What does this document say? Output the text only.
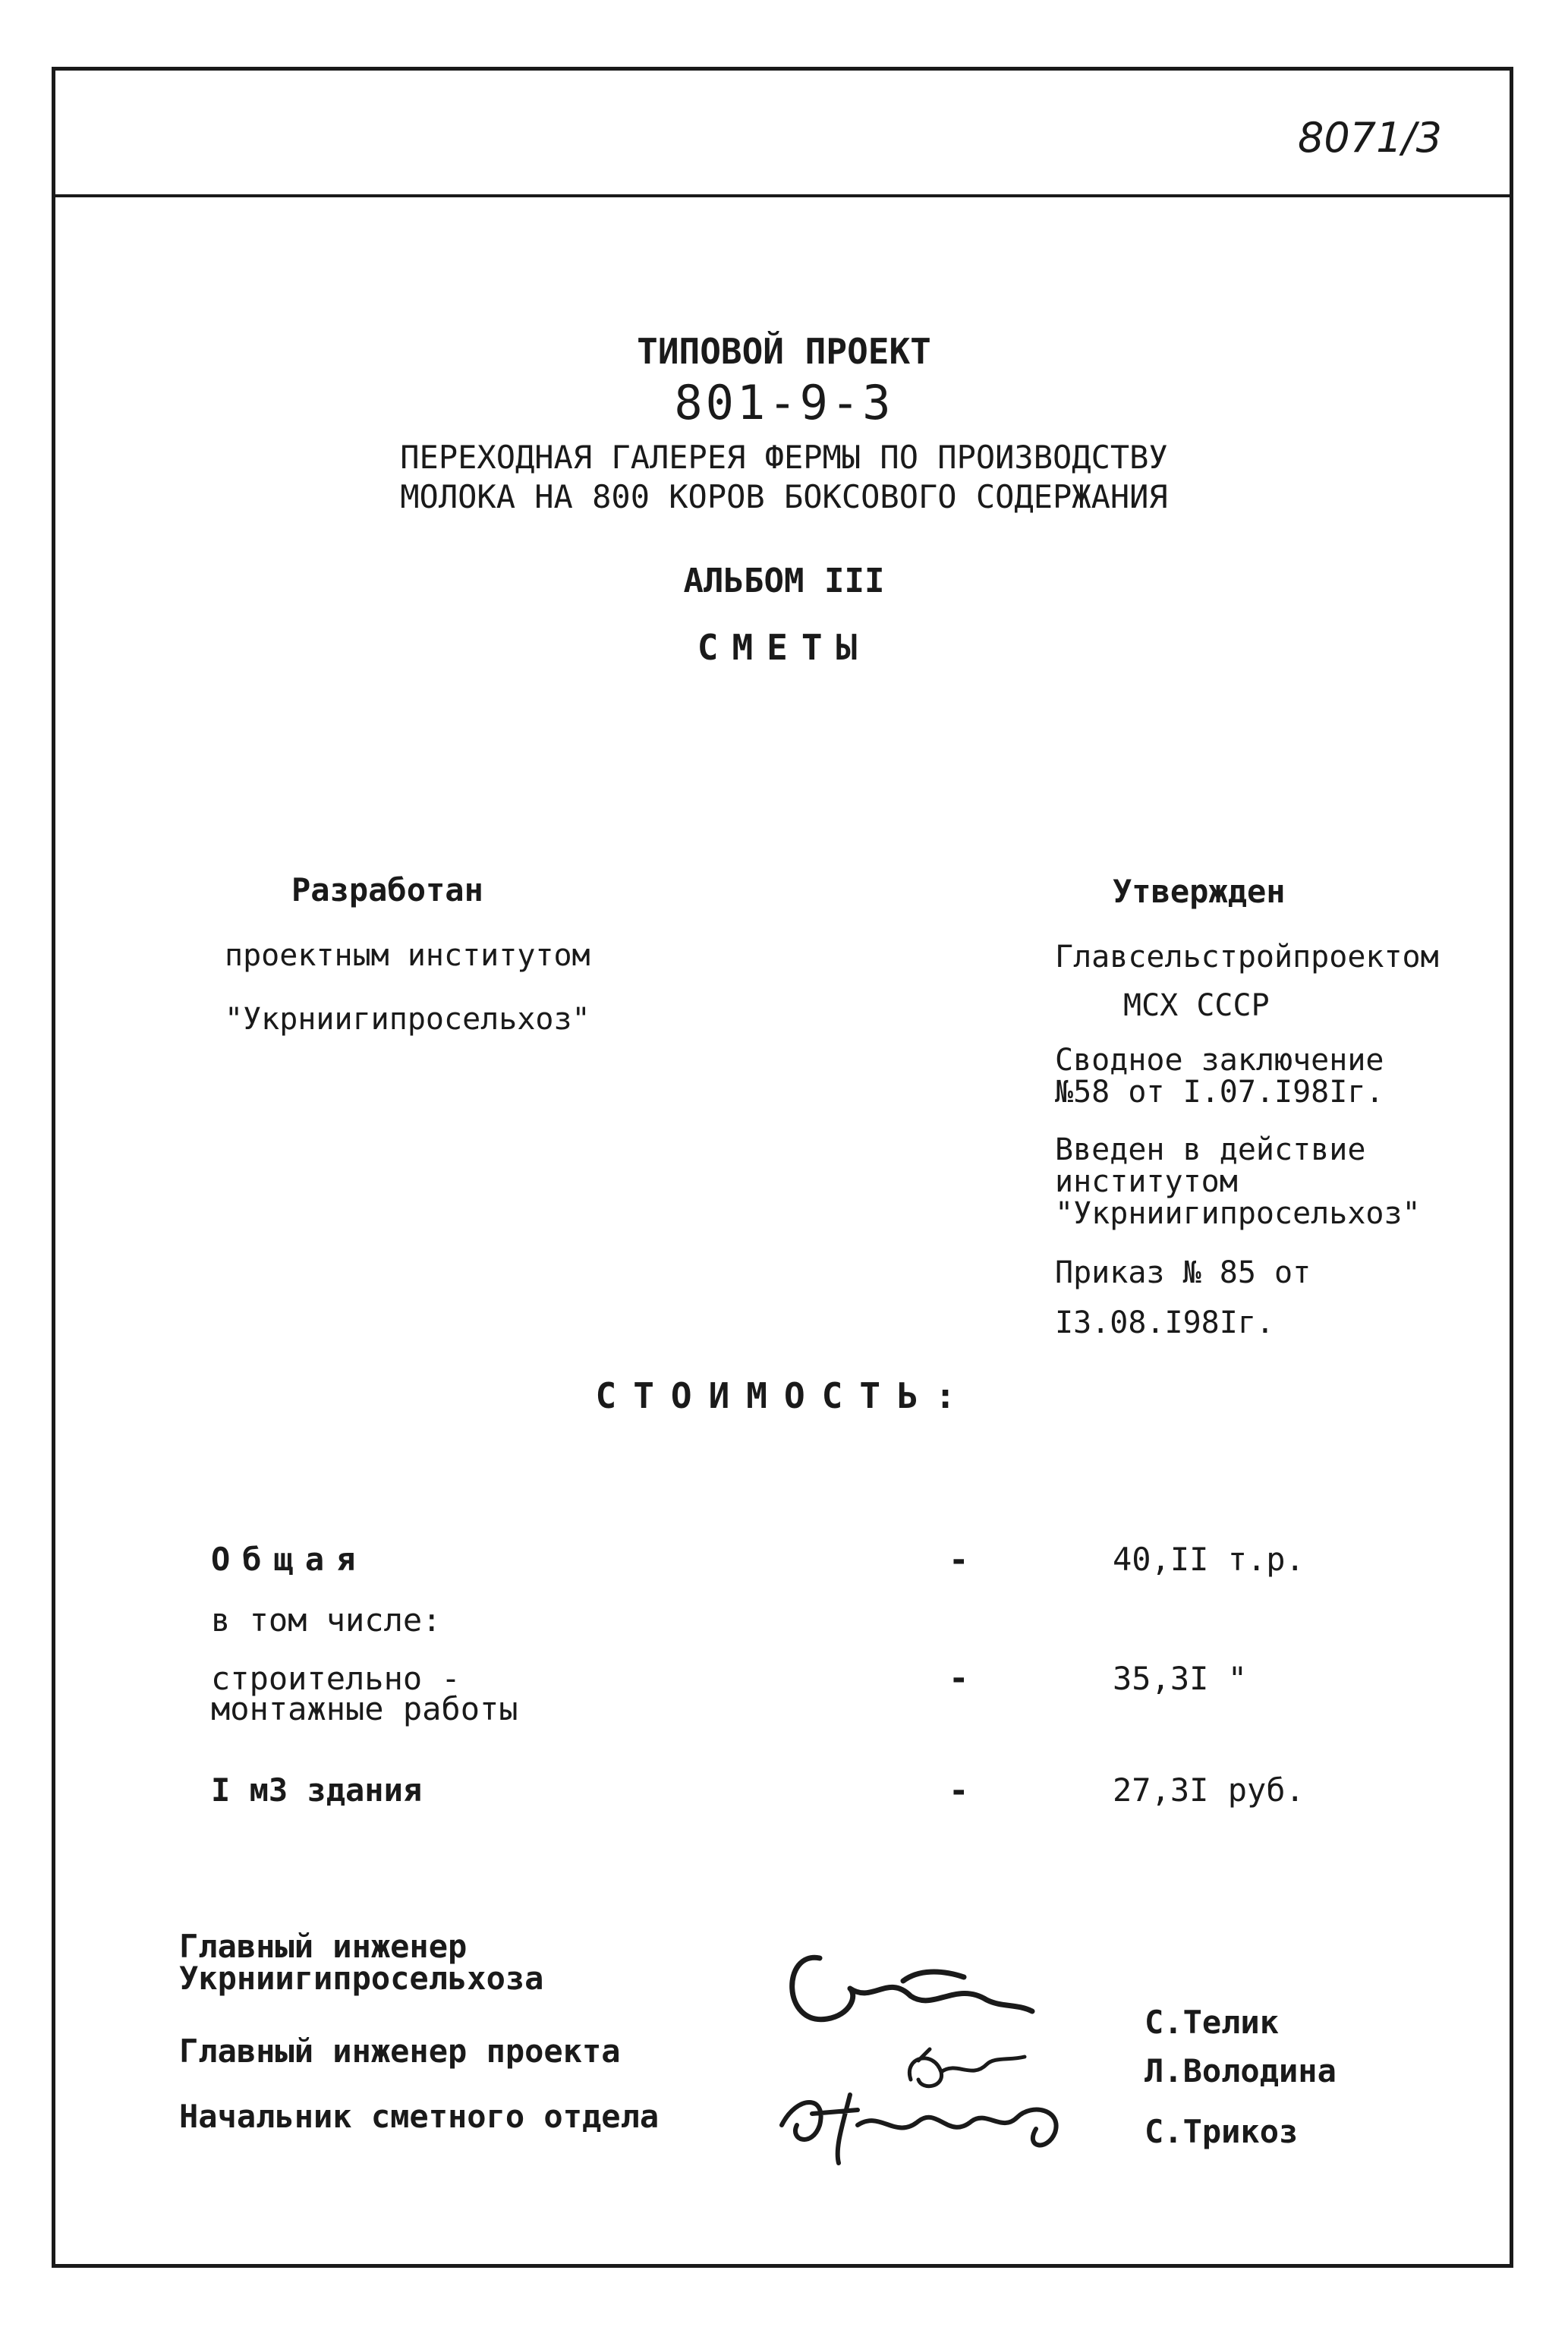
8071/3
ТИПОВОЙ ПРОЕКТ
801-9-3
ПЕРЕХОДНАЯ ГАЛЕРЕЯ ФЕРМЫ ПО ПРОИЗВОДСТВУ
МОЛОКА НА 800 КОРОВ БОКСОВОГО СОДЕРЖАНИЯ
АЛЬБОМ III
СМЕТЫ
Разработан
проектным институтом
"Укрниигипросельхоз"
Утвержден
Главсельстройпроектом
МСХ СССР
Сводное заключение
№58 от I.07.I98Iг.
Введен в действие
институтом
"Укрниигипросельхоз"
Приказ № 85 от
I3.08.I98Iг.
СТОИМОСТЬ:
Общая	-	40,II т.р.
в том числе:
строительно -
монтажные работы
-	35,3I "
I м3 здания	-	27,3I руб.
Главный инженер
Укрниигипросельхоза
Главный инженер проекта
Начальник сметного отдела
С.Телик
Л.Володина
С.Трикоз
